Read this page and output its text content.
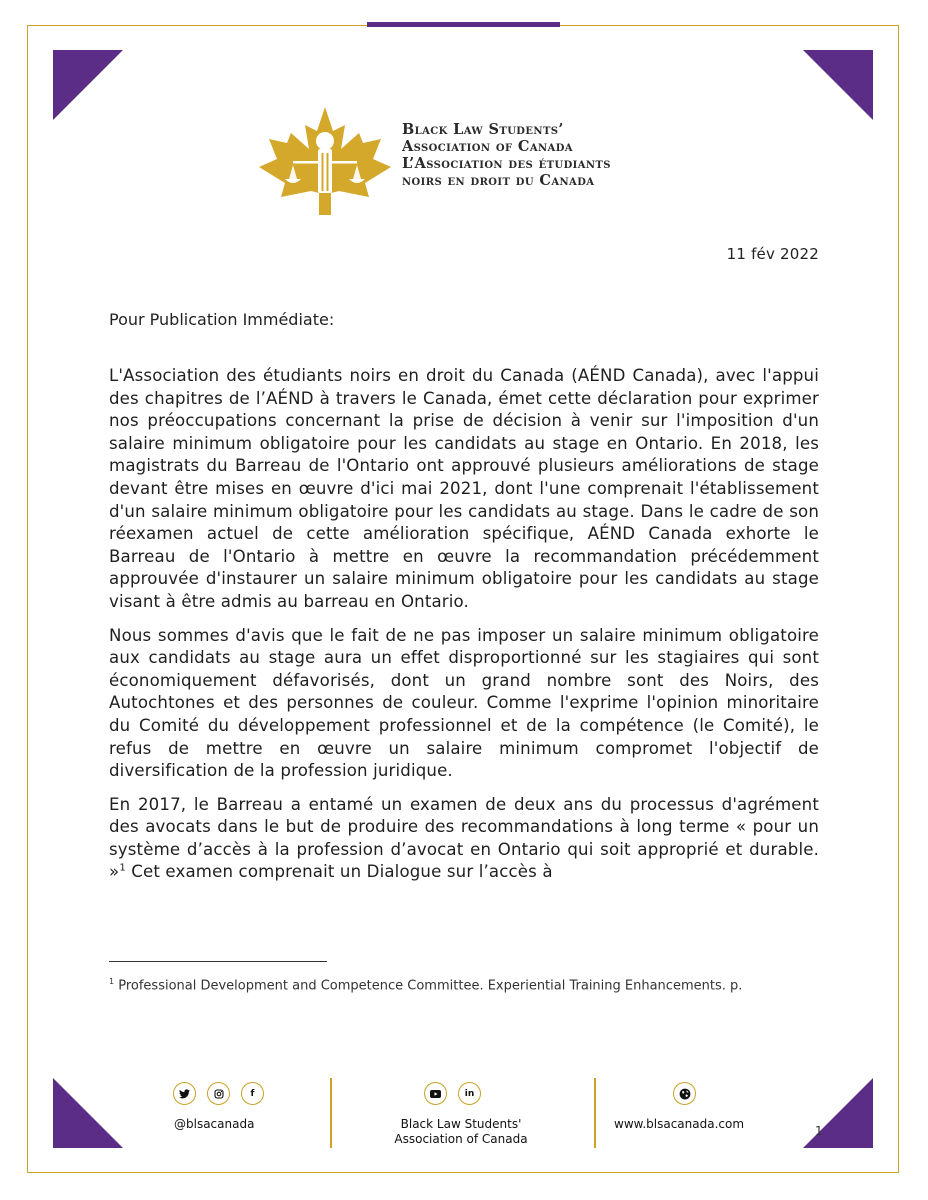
Black Law Students’
Association of Canada
L’Association des étudiants
noirs en droit du Canada
11 fév 2022
Pour Publication Immédiate:

L'Association des étudiants noirs en droit du Canada (AÉND Canada), avec l'appui des chapitres de l’AÉND à travers le Canada, émet cette déclaration pour exprimer nos préoccupations concernant la prise de décision à venir sur l'imposition d'un salaire minimum obligatoire pour les candidats au stage en Ontario. En 2018, les magistrats du Barreau de l'Ontario ont approuvé plusieurs améliorations de stage devant être mises en œuvre d'ici mai 2021, dont l'une comprenait l'établissement d'un salaire minimum obligatoire pour les candidats au stage. Dans le cadre de son réexamen actuel de cette amélioration spécifique, AÉND Canada exhorte le Barreau de l'Ontario à mettre en œuvre la recommandation précédemment approuvée d'instaurer un salaire minimum obligatoire pour les candidats au stage visant à être admis au barreau en Ontario.

Nous sommes d'avis que le fait de ne pas imposer un salaire minimum obligatoire aux candidats au stage aura un effet disproportionné sur les stagiaires qui sont économiquement défavorisés, dont un grand nombre sont des Noirs, des Autochtones et des personnes de couleur. Comme l'exprime l'opinion minoritaire du Comité du développement professionnel et de la compétence (le Comité), le refus de mettre en œuvre un salaire minimum compromet l'objectif de diversification de la profession juridique.

En 2017, le Barreau a entamé un examen de deux ans du processus d'agrément des avocats dans le but de produire des recommandations à long terme « pour un système d’accès à la profession d’avocat en Ontario qui soit approprié et durable. »$^1$ Cet examen comprenait un Dialogue sur l’accès à

$^1$ Professional Development and Competence Committee. Experiential Training Enhancements. p.
f
@blsacanada
in
Black Law Students'
Association of Canada
www.blsacanada.com	1
